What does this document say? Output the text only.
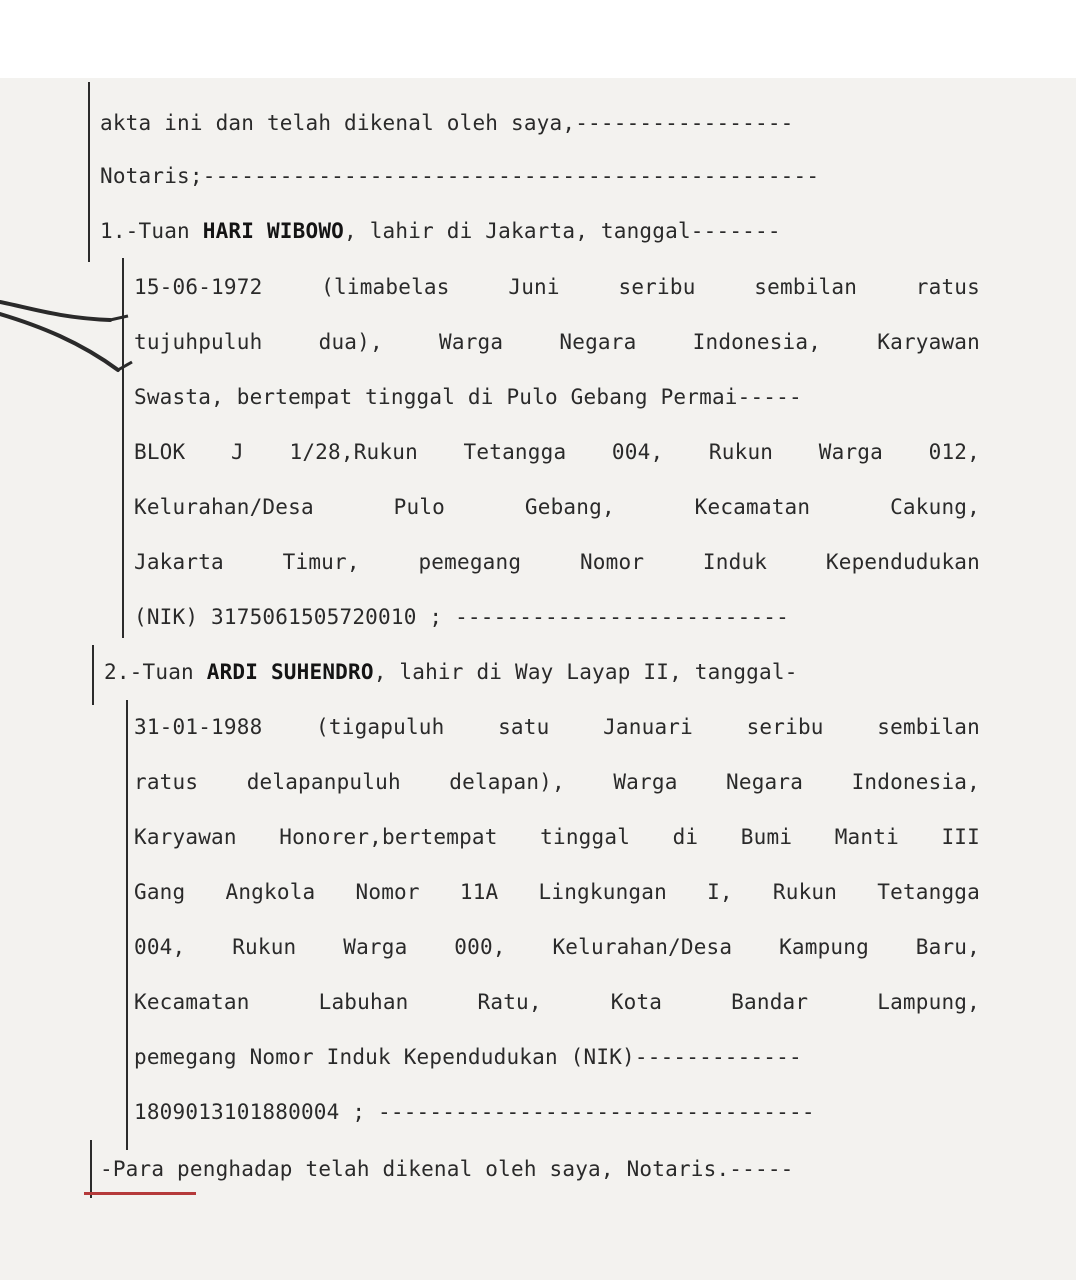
akta ini dan telah dikenal oleh saya,-----------------

Notaris;------------------------------------------------

1.-Tuan HARI WIBOWO, lahir di Jakarta, tanggal-------

15-06-1972 (limabelas Juni seribu sembilan ratus

tujuhpuluh dua), Warga Negara Indonesia, Karyawan

Swasta, bertempat tinggal di Pulo Gebang Permai-----

BLOK J 1/28,Rukun Tetangga 004, Rukun Warga 012,

Kelurahan/Desa Pulo Gebang, Kecamatan Cakung,

Jakarta Timur, pemegang Nomor Induk Kependudukan

(NIK) 3175061505720010 ; --------------------------

2.-Tuan ARDI SUHENDRO, lahir di Way Layap II, tanggal-

31-01-1988 (tigapuluh satu Januari seribu sembilan

ratus delapanpuluh delapan), Warga Negara Indonesia,

Karyawan Honorer,bertempat tinggal di Bumi Manti III

Gang Angkola Nomor 11A Lingkungan I, Rukun Tetangga

004, Rukun Warga 000, Kelurahan/Desa Kampung Baru,

Kecamatan Labuhan Ratu, Kota Bandar Lampung,

pemegang Nomor Induk Kependudukan (NIK)-------------

1809013101880004 ; ----------------------------------

-Para penghadap telah dikenal oleh saya, Notaris.-----
